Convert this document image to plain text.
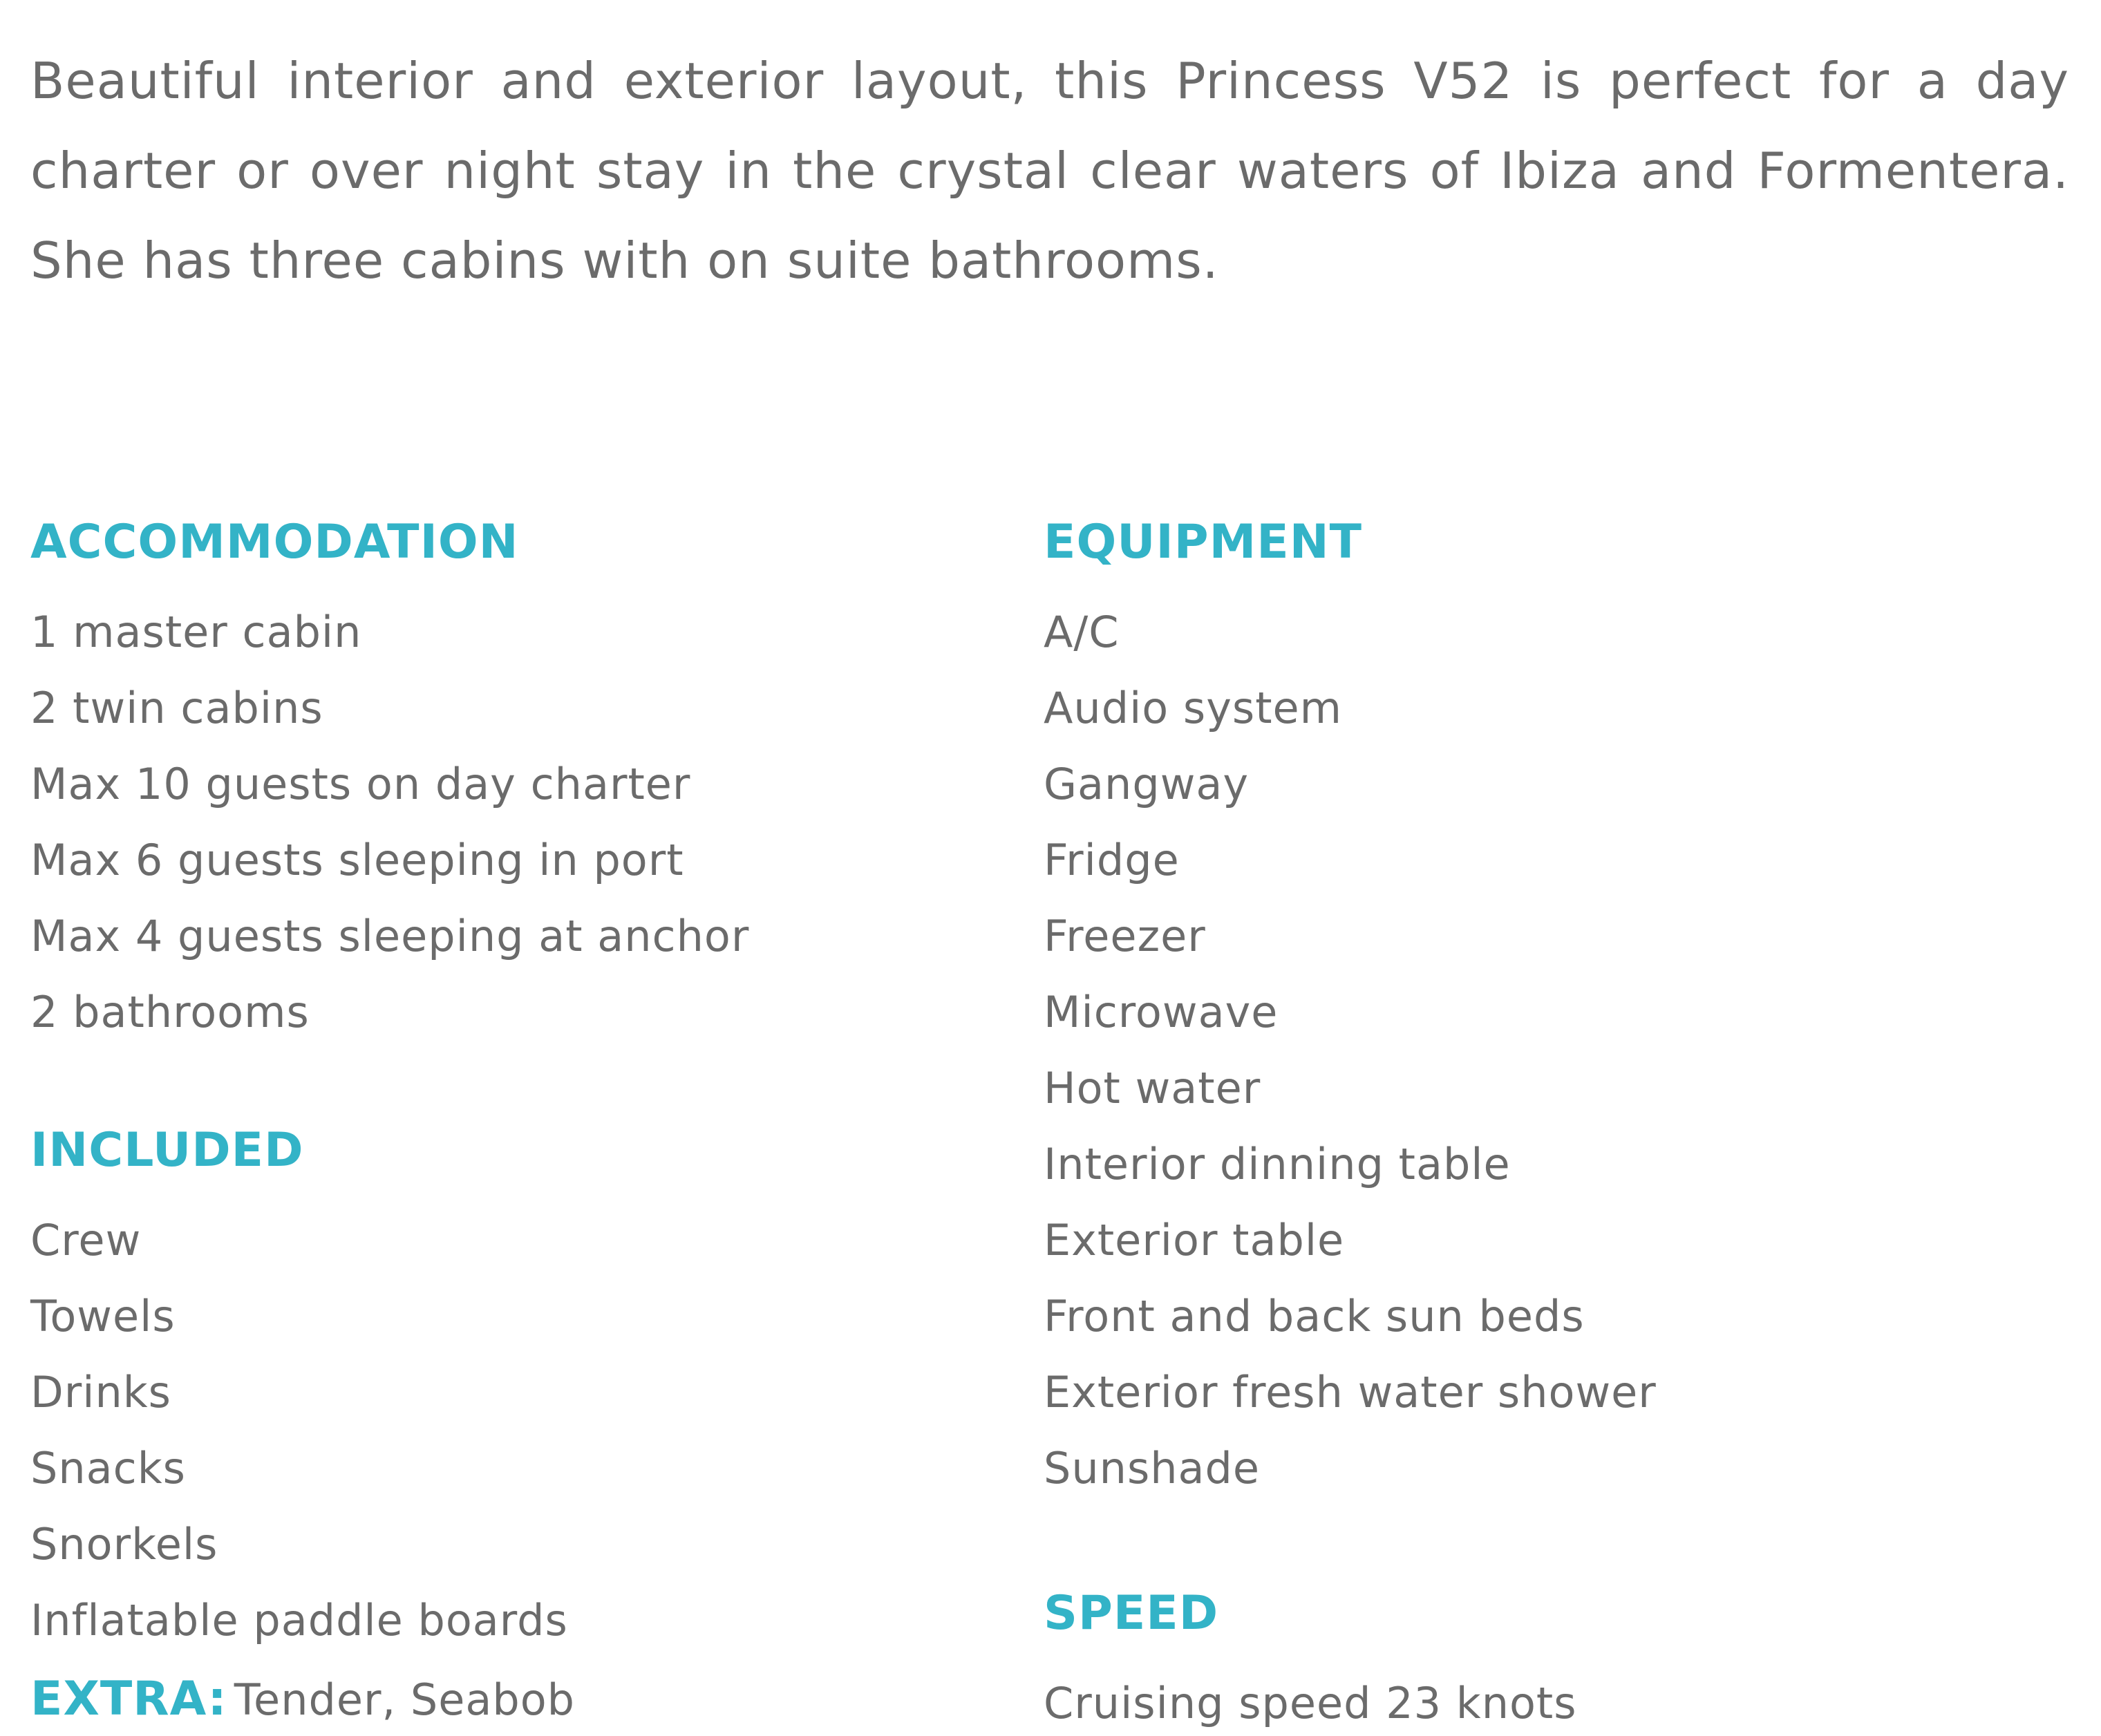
Beautiful interior and exterior layout, this Princess V52 is perfect for a day charter or over night stay in the crystal clear waters of Ibiza and Formentera. She has three cabins with on suite bathrooms.

ACCOMMODATION
1 master cabin
2 twin cabins
Max 10 guests on day charter
Max 6 guests sleeping in port
Max 4 guests sleeping at anchor
2 bathrooms
INCLUDED
Crew
Towels
Drinks
Snacks
Snorkels
Inflatable paddle boards
EXTRA: Tender, Seabob
EQUIPMENT
A/C
Audio system
Gangway
Fridge
Freezer
Microwave
Hot water
Interior dinning table
Exterior table
Front and back sun beds
Exterior fresh water shower
Sunshade
SPEED
Cruising speed 23 knots
